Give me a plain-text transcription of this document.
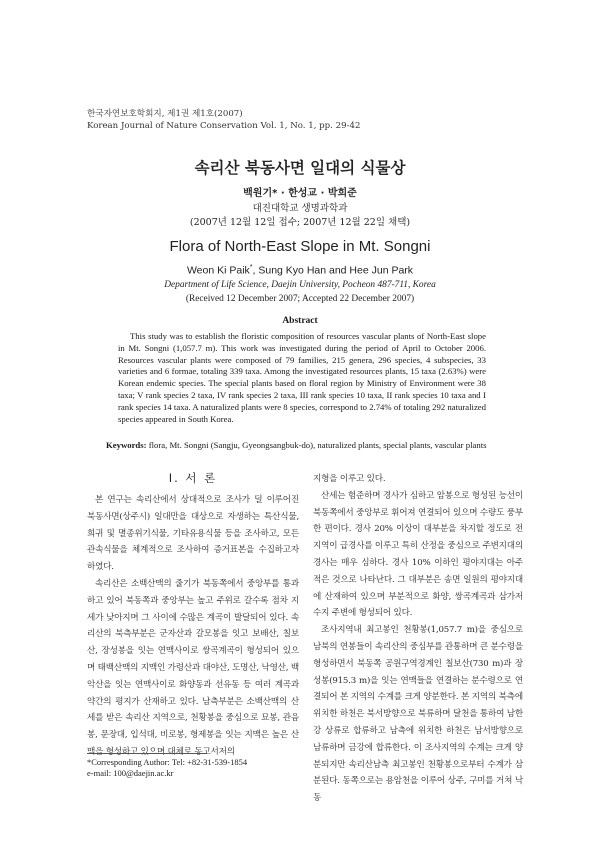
한국자연보호학회지, 제1권 제1호(2007)
Korean Journal of Nature Conservation Vol. 1, No. 1, pp. 29-42
속리산 북동사면 일대의 식물상
백원기* · 한성교 · 박희준
대진대학교 생명과학과
(2007년 12월 12일 접수; 2007년 12월 22일 채택)
Flora of North-East Slope in Mt. Songni
Weon Ki Paik*, Sung Kyo Han and Hee Jun Park
Department of Life Science, Daejin University, Pocheon 487-711, Korea
(Received 12 December 2007; Accepted 22 December 2007)
Abstract
This study was to establish the floristic composition of resources vascular plants of North-East slope in Mt. Songni (1,057.7 m). This work was investigated during the period of April to October 2006. Resources vascular plants were composed of 79 families, 215 genera, 296 species, 4 subspecies, 33 varieties and 6 formae, totaling 339 taxa. Among the investigated resources plants, 15 taxa (2.63%) were Korean endemic species. The special plants based on floral region by Ministry of Environment were 38 taxa; V rank species 2 taxa, IV rank species 2 taxa, III rank species 10 taxa, II rank species 10 taxa and I rank species 14 taxa. A naturalized plants were 8 species, correspond to 2.74% of totaling 292 naturalized species appeared in South Korea.
Keywords: flora, Mt. Songni (Sangju, Gyeongsangbuk-do), naturalized plants, special plants, vascular plants
I. 서 론

본 연구는 속리산에서 상대적으로 조사가 덜 이루어진 북동사면(상주시) 일대만을 대상으로 자생하는 특산식물, 희귀 및 멸종위기식물, 기타유용식물 등을 조사하고, 모든 관속식물을 체계적으로 조사하여 증거표본을 수집하고자 하였다.

속리산은 소백산맥의 줄기가 북동쪽에서 중앙부를 통과하고 있어 북동쪽과 중앙부는 높고 주위로 갈수록 점차 지세가 낮아지며 그 사이에 수많은 계곡이 발달되어 있다. 속리산의 북측부분은 군자산과 갈모봉을 잇고 보배산, 칠보산, 장성봉을 잇는 연맥사이로 쌍곡계곡이 형성되어 있으며 태백산맥의 지맥인 가령산과 대야산, 도명산, 낙영산, 백악산을 잇는 연맥사이로 화양동과 선유동 등 여러 계곡과 약간의 평지가 산재하고 있다. 남측부분은 소백산맥의 산세를 받은 속리산 지역으로, 천황봉을 중심으로 묘봉, 관음봉, 문장대, 입석대, 비로봉, 형제봉을 잇는 지맥은 높은 산맥을 형성하고 있으며 대체로 동고서저의

지형을 이루고 있다.

산세는 험준하며 경사가 심하고 암봉으로 형성된 능선이 북동쪽에서 중앙부로 휘어져 연결되어 있으며 수량도 풍부한 편이다. 경사 20% 이상이 대부분을 차지할 정도로 전 지역이 급경사를 이루고 특히 산정을 중심으로 주변지대의 경사는 매우 심하다. 경사 10% 이하인 평야지대는 아주 적은 것으로 나타난다. 그 대부분은 송면 일원의 평야지대에 산재하여 있으며 부분적으로 화양, 쌍곡계곡과 삼가저수지 주변에 형성되어 있다.

조사지역내 최고봉인 천황봉(1,057.7 m)을 중심으로 남북의 연봉들이 속리산의 중심부를 관통하며 큰 분수령을 형성하면서 북동쪽 공원구역경계인 칠보산(730 m)과 장성봉(915.3 m)을 잇는 연맥들을 연결하는 분수령으로 연결되어 본 지역의 수계를 크게 양분한다. 본 지역의 북측에 위치한 하천은 북서방향으로 북류하며 달천을 통하여 남한강 상류로 합류하고 남측에 위치한 하천은 남서방향으로 남류하며 금강에 합류한다. 이 조사지역의 수계는 크게 양분되지만 속리산남측 최고봉인 천황봉으로부터 수계가 삼분된다. 동쪽으로는 용암천을 이루어 상주, 구미를 거쳐 낙동

*Corresponding Author: Tel: +82-31-539-1854
e-mail: 100@daejin.ac.kr
